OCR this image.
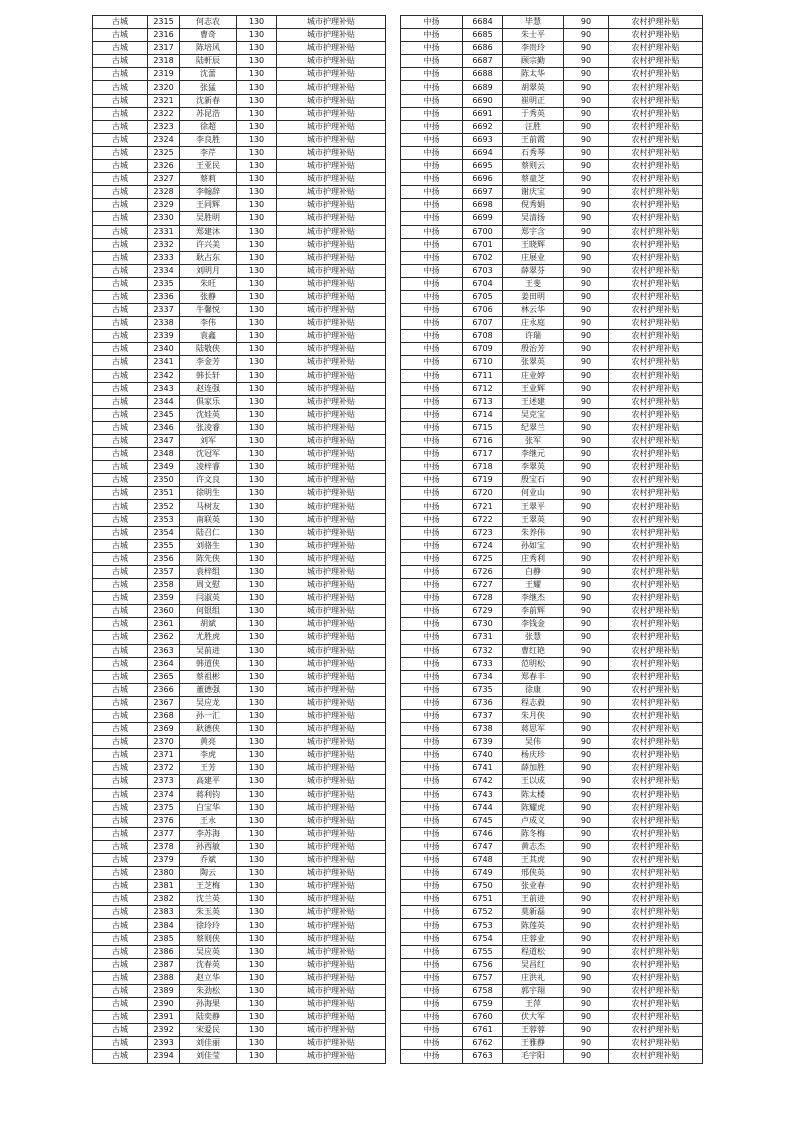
古城	2315	何志农	130	城市护理补贴
古城	2316	曹奇	130	城市护理补贴
古城	2317	陈培风	130	城市护理补贴
古城	2318	陆軒辰	130	城市护理补贴
古城	2319	沈蕾	130	城市护理补贴
古城	2320	张猛	130	城市护理补贴
古城	2321	沈新春	130	城市护理补贴
古城	2322	苏昆浩	130	城市护理补贴
古城	2323	徐超	130	城市护理补贴
古城	2324	李良胜	130	城市护理补贴
古城	2325	李芹	130	城市护理补贴
古城	2326	王亚民	130	城市护理补贴
古城	2327	蔡莉	130	城市护理补贴
古城	2328	李翰辞	130	城市护理补贴
古城	2329	王同辉	130	城市护理补贴
古城	2330	吴胜明	130	城市护理补贴
古城	2331	郑建沐	130	城市护理补贴
古城	2332	许兴美	130	城市护理补贴
古城	2333	耿占东	130	城市护理补贴
古城	2334	刘明月	130	城市护理补贴
古城	2335	朱旺	130	城市护理补贴
古城	2336	张静	130	城市护理补贴
古城	2337	牛馨悦	130	城市护理补贴
古城	2338	李伟	130	城市护理补贴
古城	2339	袁鑫	130	城市护理补贴
古城	2340	陆敬侠	130	城市护理补贴
古城	2341	李金芳	130	城市护理补贴
古城	2342	韩长轩	130	城市护理补贴
古城	2343	赵连强	130	城市护理补贴
古城	2344	俱家乐	130	城市护理补贴
古城	2345	沈娃英	130	城市护理补贴
古城	2346	张凌睿	130	城市护理补贴
古城	2347	刘军	130	城市护理补贴
古城	2348	沈冠军	130	城市护理补贴
古城	2349	凌梓睿	130	城市护理补贴
古城	2350	许文良	130	城市护理补贴
古城	2351	徐明生	130	城市护理补贴
古城	2352	马树友	130	城市护理补贴
古城	2353	南联英	130	城市护理补贴
古城	2354	陆召仁	130	城市护理补贴
古城	2355	刘骆生	130	城市护理补贴
古城	2356	陈先侠	130	城市护理补贴
古城	2357	袁梓组	130	城市护理补贴
古城	2358	周文慰	130	城市护理补贴
古城	2359	闫淑英	130	城市护理补贴
古城	2360	何银组	130	城市护理补贴
古城	2361	胡斌	130	城市护理补贴
古城	2362	尤胜虎	130	城市护理补贴
古城	2363	吴前进	130	城市护理补贴
古城	2364	韩道侠	130	城市护理补贴
古城	2365	蔡祖彬	130	城市护理补贴
古城	2366	董德强	130	城市护理补贴
古城	2367	吴应龙	130	城市护理补贴
古城	2368	孙一汇	130	城市护理补贴
古城	2369	耿德侠	130	城市护理补贴
古城	2370	黄亮	130	城市护理补贴
古城	2371	李虎	130	城市护理补贴
古城	2372	王芳	130	城市护理补贴
古城	2373	高建平	130	城市护理补贴
古城	2374	蒋利钧	130	城市护理补贴
古城	2375	白宝华	130	城市护理补贴
古城	2376	王永	130	城市护理补贴
古城	2377	李苏海	130	城市护理补贴
古城	2378	孙西敏	130	城市护理补贴
古城	2379	乔斌	130	城市护理补贴
古城	2380	陶云	130	城市护理补贴
古城	2381	王芝梅	130	城市护理补贴
古城	2382	沈兰英	130	城市护理补贴
古城	2383	朱玉英	130	城市护理补贴
古城	2384	徐玲玲	130	城市护理补贴
古城	2385	蔡则侠	130	城市护理补贴
古城	2386	吴应英	130	城市护理补贴
古城	2387	沈春英	130	城市护理补贴
古城	2388	赵立华	130	城市护理补贴
古城	2389	朱劲松	130	城市护理补贴
古城	2390	孙海果	130	城市护理补贴
古城	2391	陆奕静	130	城市护理补贴
古城	2392	宋爱民	130	城市护理补贴
古城	2393	刘佳丽	130	城市护理补贴
古城	2394	刘佳莹	130	城市护理补贴
中扬	6684	毕慧	90	农村护理补贴
中扬	6685	朱士平	90	农村护理补贴
中扬	6686	李贵玲	90	农村护理补贴
中扬	6687	顾宗勤	90	农村护理补贴
中扬	6688	陈太华	90	农村护理补贴
中扬	6689	胡翠英	90	农村护理补贴
中扬	6690	崔明正	90	农村护理补贴
中扬	6691	于秀英	90	农村护理补贴
中扬	6692	汪胜	90	农村护理补贴
中扬	6693	王前霞	90	农村护理补贴
中扬	6694	石秀琴	90	农村护理补贴
中扬	6695	蔡则云	90	农村护理补贴
中扬	6696	蔡童芝	90	农村护理补贴
中扬	6697	谢庆宝	90	农村护理补贴
中扬	6698	倪秀娟	90	农村护理补贴
中扬	6699	吴清扬	90	农村护理补贴
中扬	6700	郑宇含	90	农村护理补贴
中扬	6701	王晓辉	90	农村护理补贴
中扬	6702	庄展业	90	农村护理补贴
中扬	6703	薛翠芬	90	农村护理补贴
中扬	6704	王斐	90	农村护理补贴
中扬	6705	姜田明	90	农村护理补贴
中扬	6706	林云华	90	农村护理补贴
中扬	6707	庄永庭	90	农村护理补贴
中扬	6708	许瑞	90	农村护理补贴
中扬	6709	殷治芳	90	农村护理补贴
中扬	6710	张翠英	90	农村护理补贴
中扬	6711	庄业婷	90	农村护理补贴
中扬	6712	王业辉	90	农村护理补贴
中扬	6713	王述建	90	农村护理补贴
中扬	6714	吴克宝	90	农村护理补贴
中扬	6715	纪翠兰	90	农村护理补贴
中扬	6716	张军	90	农村护理补贴
中扬	6717	李继元	90	农村护理补贴
中扬	6718	李翠英	90	农村护理补贴
中扬	6719	殷宝石	90	农村护理补贴
中扬	6720	何业山	90	农村护理补贴
中扬	6721	王翠平	90	农村护理补贴
中扬	6722	王翠英	90	农村护理补贴
中扬	6723	朱养伟	90	农村护理补贴
中扬	6724	孙如宝	90	农村护理补贴
中扬	6725	庄秀利	90	农村护理补贴
中扬	6726	白静	90	农村护理补贴
中扬	6727	王耀	90	农村护理补贴
中扬	6728	李继杰	90	农村护理补贴
中扬	6729	李前辉	90	农村护理补贴
中扬	6730	李钱金	90	农村护理补贴
中扬	6731	张慧	90	农村护理补贴
中扬	6732	曹红艳	90	农村护理补贴
中扬	6733	范明松	90	农村护理补贴
中扬	6734	郑春丰	90	农村护理补贴
中扬	6735	徐康	90	农村护理补贴
中扬	6736	程志毅	90	农村护理补贴
中扬	6737	朱月侠	90	农村护理补贴
中扬	6738	蒋思军	90	农村护理补贴
中扬	6739	吴伟	90	农村护理补贴
中扬	6740	杨庆珍	90	农村护理补贴
中扬	6741	薛加胜	90	农村护理补贴
中扬	6742	王以成	90	农村护理补贴
中扬	6743	陈太楼	90	农村护理补贴
中扬	6744	陈耀虎	90	农村护理补贴
中扬	6745	卢成义	90	农村护理补贴
中扬	6746	陈冬梅	90	农村护理补贴
中扬	6747	黄志杰	90	农村护理补贴
中扬	6748	王其虎	90	农村护理补贴
中扬	6749	邢侠英	90	农村护理补贴
中扬	6750	张业春	90	农村护理补贴
中扬	6751	王前进	90	农村护理补贴
中扬	6752	莫新磊	90	农村护理补贴
中扬	6753	陈莲英	90	农村护理补贴
中扬	6754	庄蓉业	90	农村护理补贴
中扬	6755	程道松	90	农村护理补贴
中扬	6756	吴昌红	90	农村护理补贴
中扬	6757	庄洪礼	90	农村护理补贴
中扬	6758	郭宇翔	90	农村护理补贴
中扬	6759	王萍	90	农村护理补贴
中扬	6760	伏大军	90	农村护理补贴
中扬	6761	王蓉蓉	90	农村护理补贴
中扬	6762	王雅静	90	农村护理补贴
中扬	6763	毛宇阳	90	农村护理补贴
